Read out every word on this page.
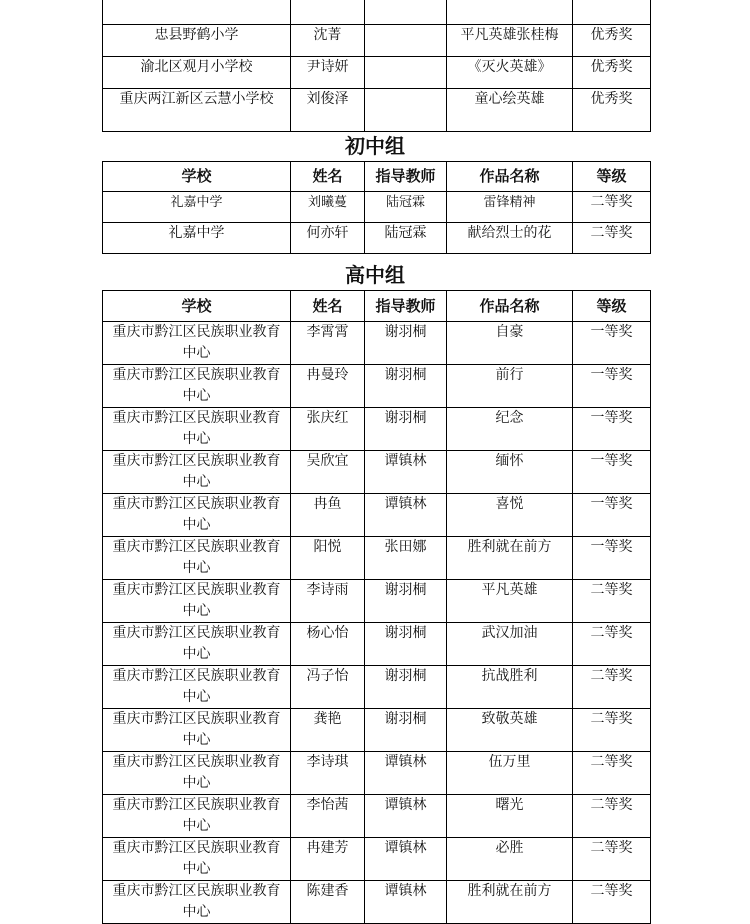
忠县野鹤小学	沈菁		平凡英雄张桂梅	优秀奖
渝北区观月小学校	尹诗妍		《灭火英雄》	优秀奖
重庆两江新区云慧小学校	刘俊泽		童心绘英雄	优秀奖
初中组
学校	姓名	指导教师	作品名称	等级
礼嘉中学	刘曦蔓	陆冠霖	雷锋精神	二等奖
礼嘉中学	何亦轩	陆冠霖	献给烈士的花	二等奖
高中组
学校	姓名	指导教师	作品名称	等级
重庆市黔江区民族职业教育中心	李霄霄	谢羽桐	自豪	一等奖
重庆市黔江区民族职业教育中心	冉曼玲	谢羽桐	前行	一等奖
重庆市黔江区民族职业教育中心	张庆红	谢羽桐	纪念	一等奖
重庆市黔江区民族职业教育中心	吴欣宜	谭镇林	缅怀	一等奖
重庆市黔江区民族职业教育中心	冉鱼	谭镇林	喜悦	一等奖
重庆市黔江区民族职业教育中心	阳悦	张田娜	胜利就在前方	一等奖
重庆市黔江区民族职业教育中心	李诗雨	谢羽桐	平凡英雄	二等奖
重庆市黔江区民族职业教育中心	杨心怡	谢羽桐	武汉加油	二等奖
重庆市黔江区民族职业教育中心	冯子怡	谢羽桐	抗战胜利	二等奖
重庆市黔江区民族职业教育中心	龚艳	谢羽桐	致敬英雄	二等奖
重庆市黔江区民族职业教育中心	李诗琪	谭镇林	伍万里	二等奖
重庆市黔江区民族职业教育中心	李怡茜	谭镇林	曙光	二等奖
重庆市黔江区民族职业教育中心	冉建芳	谭镇林	必胜	二等奖
重庆市黔江区民族职业教育中心	陈建香	谭镇林	胜利就在前方	二等奖
